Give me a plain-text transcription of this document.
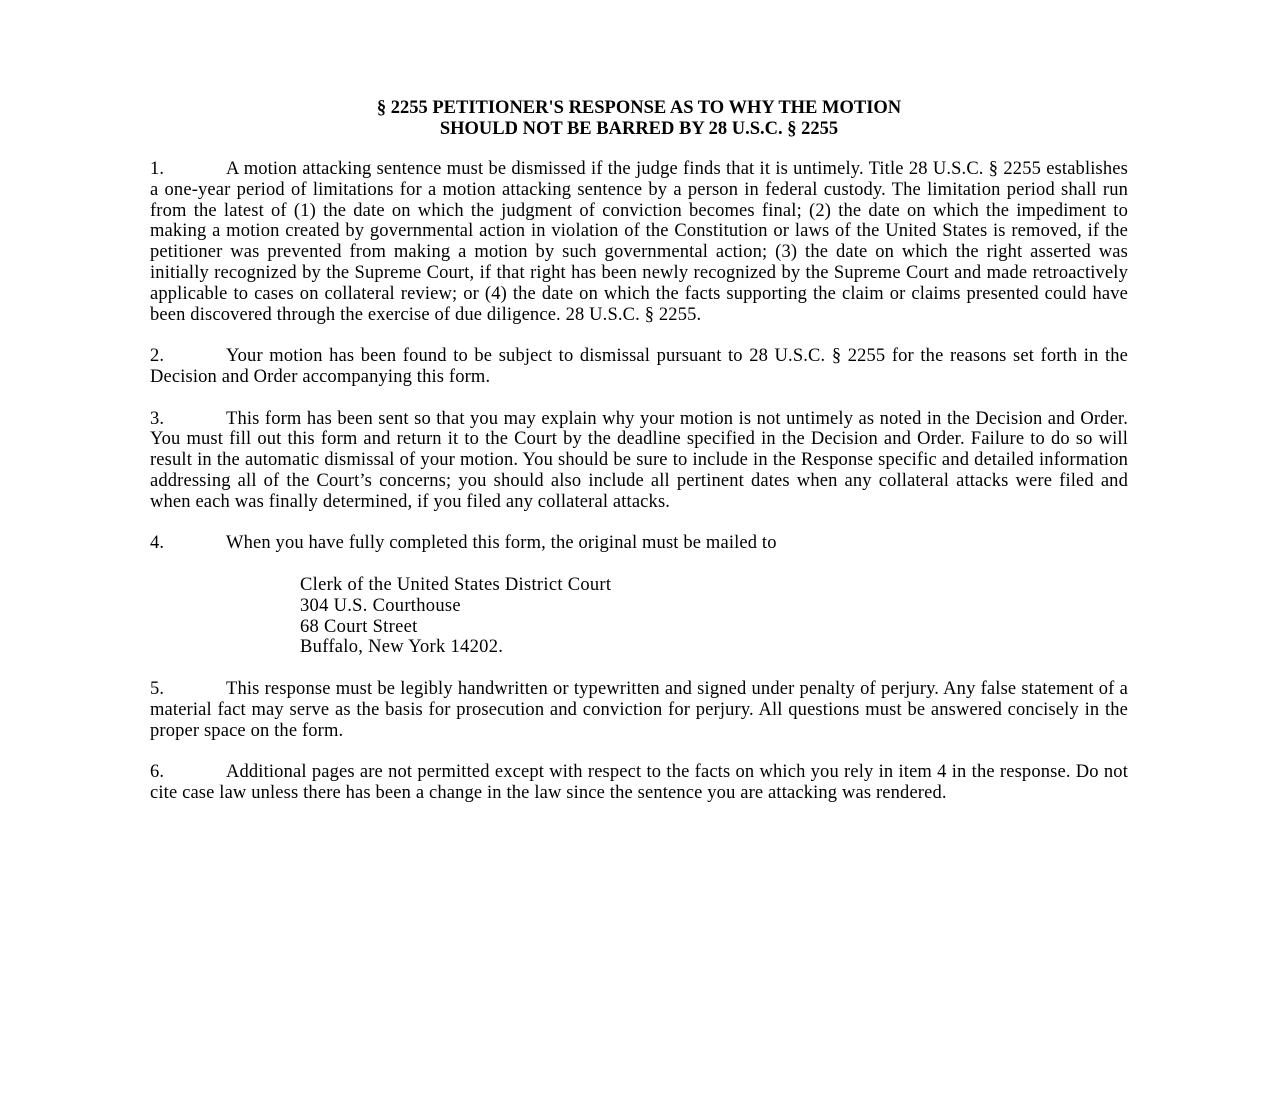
§ 2255 PETITIONER'S RESPONSE AS TO WHY THE MOTION
SHOULD NOT BE BARRED BY 28 U.S.C. § 2255

1.	A motion attacking sentence must be dismissed if the judge finds that it is untimely. Title 28 U.S.C. § 2255 establishes a one-year period of limitations for a motion attacking sentence by a person in federal custody. The limitation period shall run from the latest of (1) the date on which the judgment of conviction becomes final; (2) the date on which the impediment to making a motion created by governmental action in violation of the Constitution or laws of the United States is removed, if the petitioner was prevented from making a motion by such governmental action; (3) the date on which the right asserted was initially recognized by the Supreme Court, if that right has been newly recognized by the Supreme Court and made retroactively applicable to cases on collateral review; or (4) the date on which the facts supporting the claim or claims presented could have been discovered through the exercise of due diligence. 28 U.S.C. § 2255.

2.	Your motion has been found to be subject to dismissal pursuant to 28 U.S.C. § 2255 for the reasons set forth in the Decision and Order accompanying this form.

3.	This form has been sent so that you may explain why your motion is not untimely as noted in the Decision and Order. You must fill out this form and return it to the Court by the deadline specified in the Decision and Order. Failure to do so will result in the automatic dismissal of your motion. You should be sure to include in the Response specific and detailed information addressing all of the Court’s concerns; you should also include all pertinent dates when any collateral attacks were filed and when each was finally determined, if you filed any collateral attacks.

4.	When you have fully completed this form, the original must be mailed to

Clerk of the United States District Court
304 U.S. Courthouse
68 Court Street
Buffalo, New York 14202.

5.	This response must be legibly handwritten or typewritten and signed under penalty of perjury. Any false statement of a material fact may serve as the basis for prosecution and conviction for perjury. All questions must be answered concisely in the proper space on the form.

6.	Additional pages are not permitted except with respect to the facts on which you rely in item 4 in the response. Do not cite case law unless there has been a change in the law since the sentence you are attacking was rendered.
